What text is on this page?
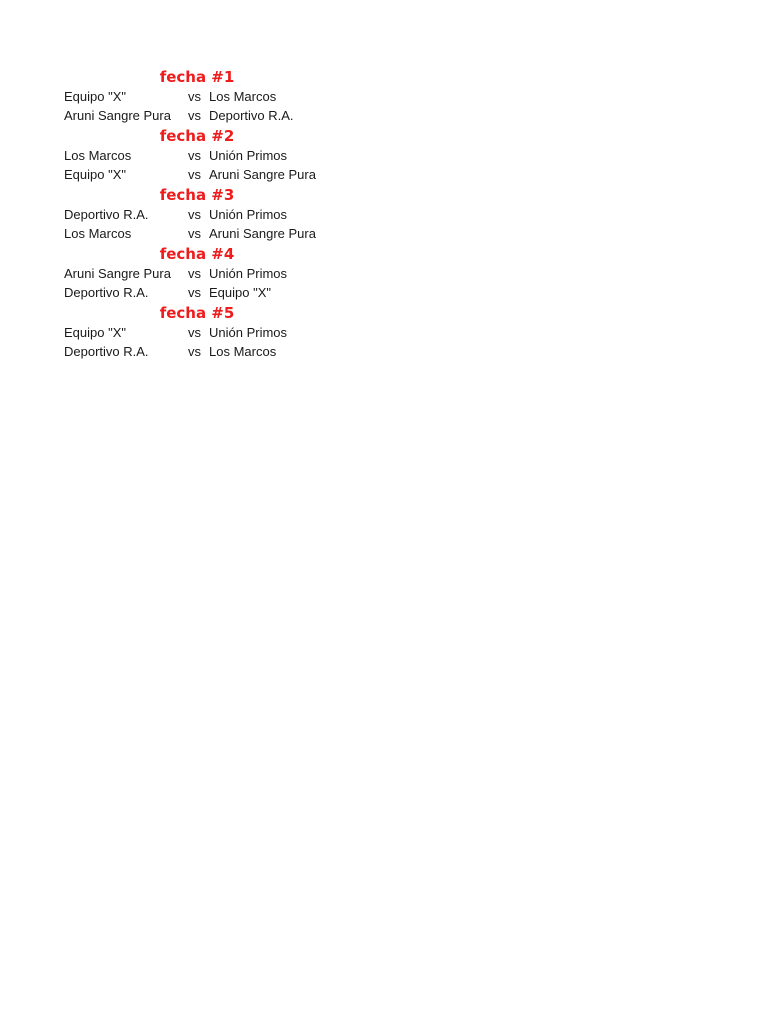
fecha #1
Equipo "X"	vs Los Marcos
Aruni Sangre Pura	vs Deportivo R.A.
fecha #2
Los Marcos	vs Unión Primos
Equipo "X"	vs Aruni Sangre Pura
fecha #3
Deportivo R.A.	vs Unión Primos
Los Marcos	vs Aruni Sangre Pura
fecha #4
Aruni Sangre Pura	vs Unión Primos
Deportivo R.A.	vs Equipo "X"
fecha #5
Equipo "X"	vs Unión Primos
Deportivo R.A.	vs Los Marcos
